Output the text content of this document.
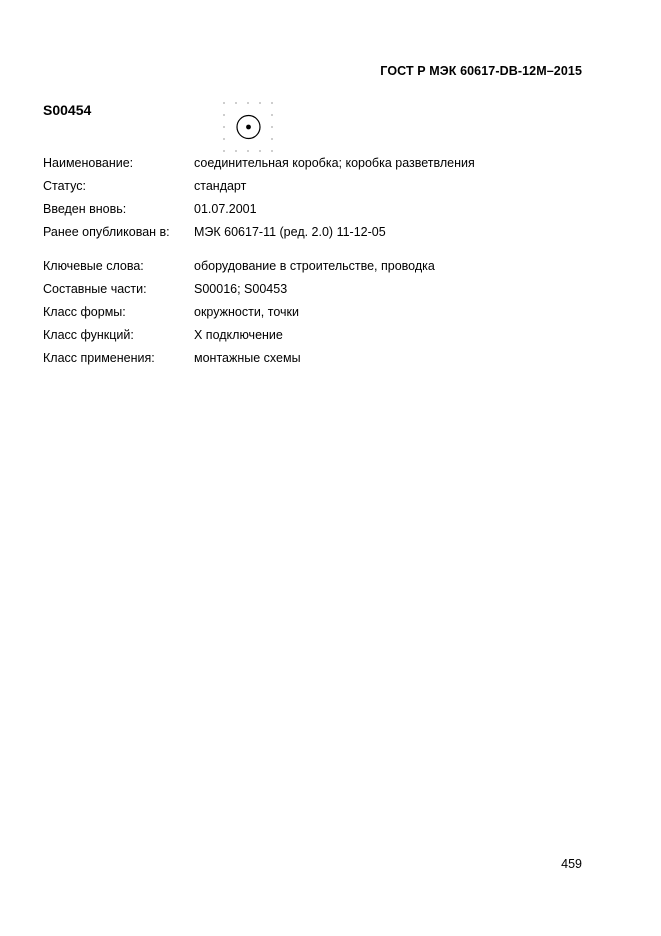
ГОСТ Р МЭК 60617-DB-12М–2015
S00454
Наименование:	соединительная коробка; коробка разветвления
Статус:	стандарт
Введен вновь:	01.07.2001
Ранее опубликован в:	МЭК 60617-11 (ред. 2.0) 11-12-05
Ключевые слова:	оборудование в строительстве, проводка
Составные части:	S00016; S00453
Класс формы:	окружности, точки
Класс функций:	X подключение
Класс применения:	монтажные схемы
459
